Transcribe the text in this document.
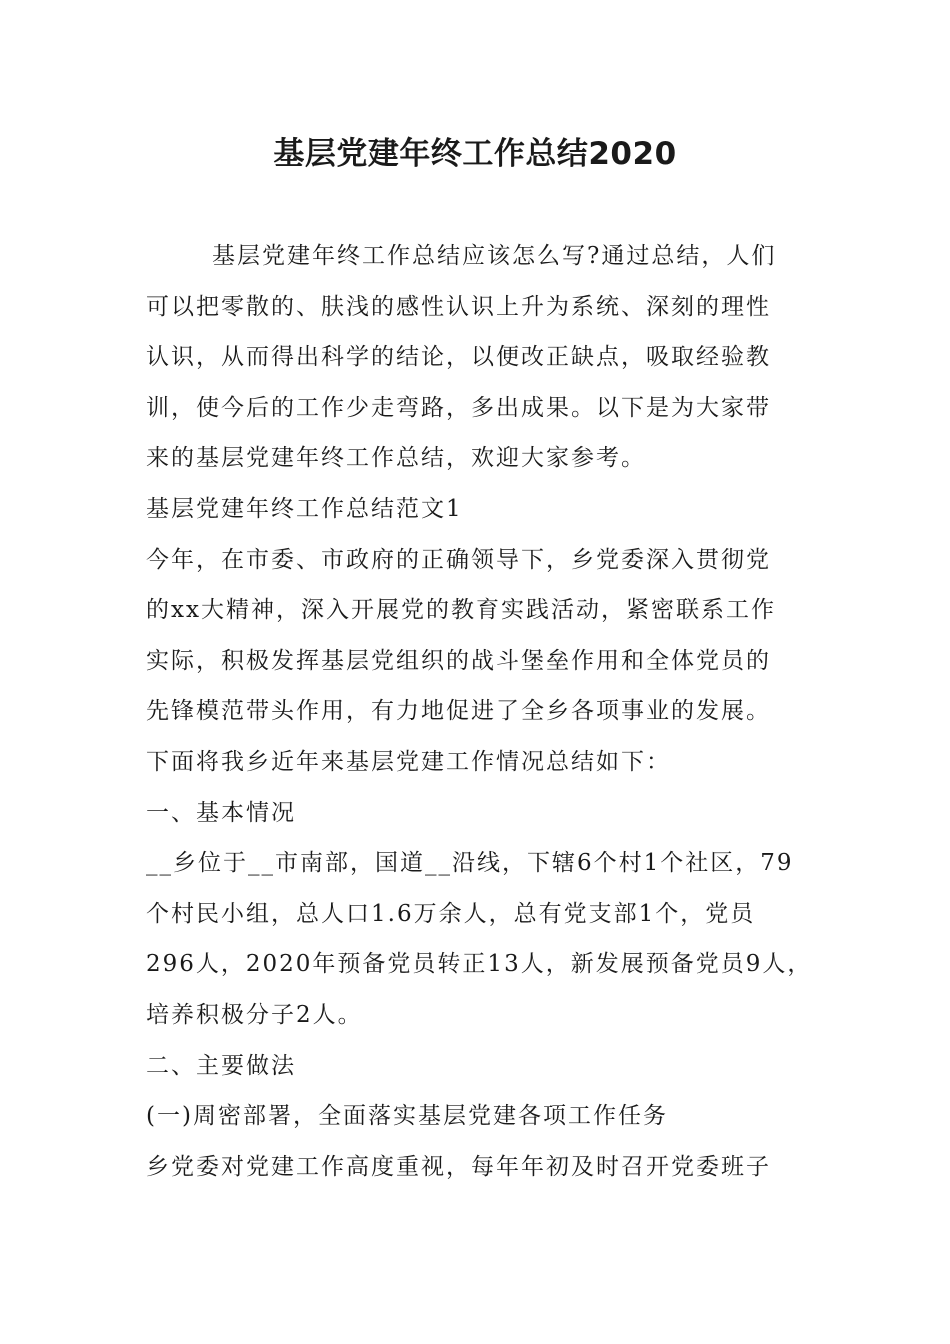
基层党建年终工作总结2020

基层党建年终工作总结应该怎么写?通过总结，人们

可以把零散的、肤浅的感性认识上升为系统、深刻的理性

认识，从而得出科学的结论，以便改正缺点，吸取经验教

训，使今后的工作少走弯路，多出成果。以下是为大家带

来的基层党建年终工作总结，欢迎大家参考。

基层党建年终工作总结范文1

今年，在市委、市政府的正确领导下，乡党委深入贯彻党

的xx大精神，深入开展党的教育实践活动，紧密联系工作

实际，积极发挥基层党组织的战斗堡垒作用和全体党员的

先锋模范带头作用，有力地促进了全乡各项事业的发展。

下面将我乡近年来基层党建工作情况总结如下：

一、基本情况

__乡位于__市南部，国道__沿线，下辖6个村1个社区，79

个村民小组，总人口1.6万余人，总有党支部1个，党员

296人，2020年预备党员转正13人，新发展预备党员9人，

培养积极分子2人。

二、主要做法

(一)周密部署，全面落实基层党建各项工作任务

乡党委对党建工作高度重视，每年年初及时召开党委班子
